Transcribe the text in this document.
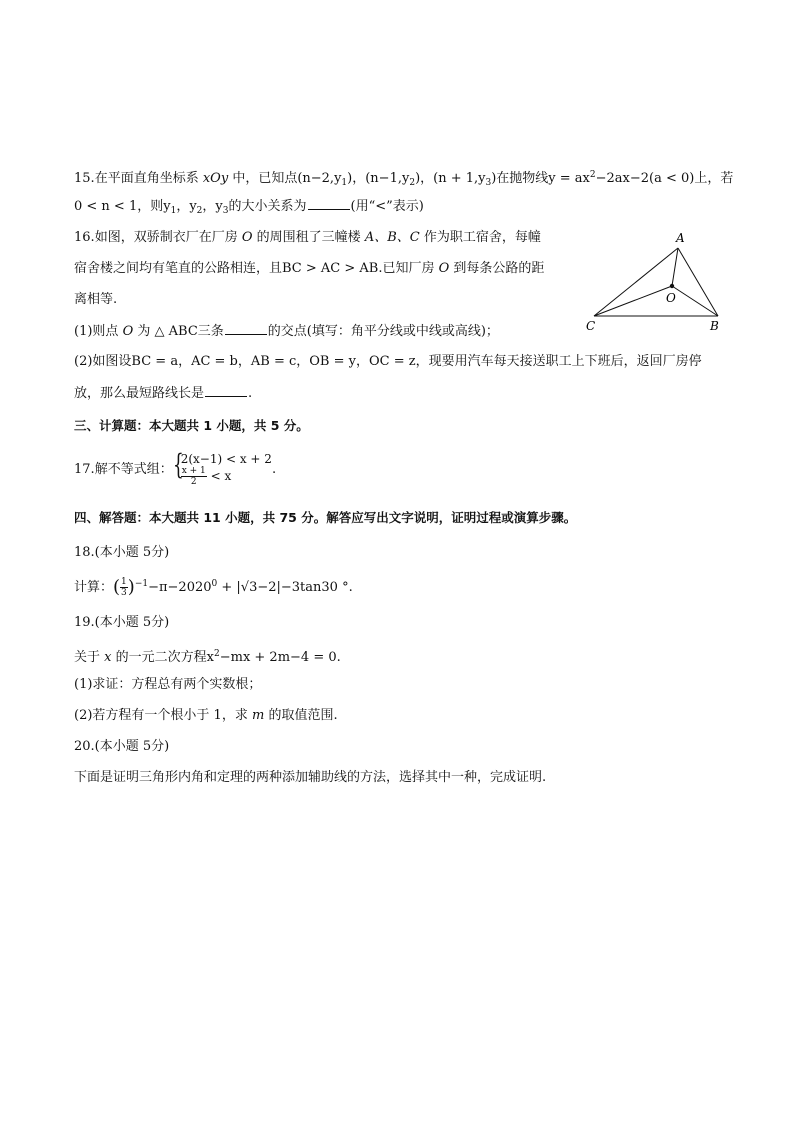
15.在平面直角坐标系 xOy 中，已知点$(n-2,y_1)$，$(n-1,y_2)$，$(n + 1,y_3)$在抛物线$y = ax^2-2ax-2(a < 0)$上，若
0 < n < 1，则$y_1$，$y_2$，$y_3$的大小关系为	(用“<”表示)
16.如图，双骄制衣厂在厂房 O 的周围租了三幢楼 A、B、C 作为职工宿舍，每幢
宿舍楼之间均有笔直的公路相连，且BC > AC > AB.已知厂房 O 到每条公路的距
离相等.
(1)则点 O 为 △ ABC三条	的交点(填写：角平分线或中线或高线)；
(2)如图设BC = a，AC = b，AB = c，OB = y，OC = z，现要用汽车每天接送职工上下班后，返回厂房停
放，那么最短路线长是	.
A
B
C
O
三、计算题：本大题共 1 小题，共 5 分。
17.解不等式组： {
2(x−1) < x + 2
$\frac{x + 1}{2} < x$	.
四、解答题：本大题共 11 小题，共 75 分。解答应写出文字说明，证明过程或演算步骤。
18.(本小题 5分)
计算：( $\frac{1}{3} )^{-1}-\pi-2020^0 + |√3-2|-3\tan 30$ °.
19.(本小题 5分)
关于 x 的一元二次方程$x^2-mx + 2m-4 = 0$.
(1)求证：方程总有两个实数根；
(2)若方程有一个根小于 1，求 m 的取值范围.
20.(本小题 5分)
下面是证明三角形内角和定理的两种添加辅助线的方法，选择其中一种，完成证明.
